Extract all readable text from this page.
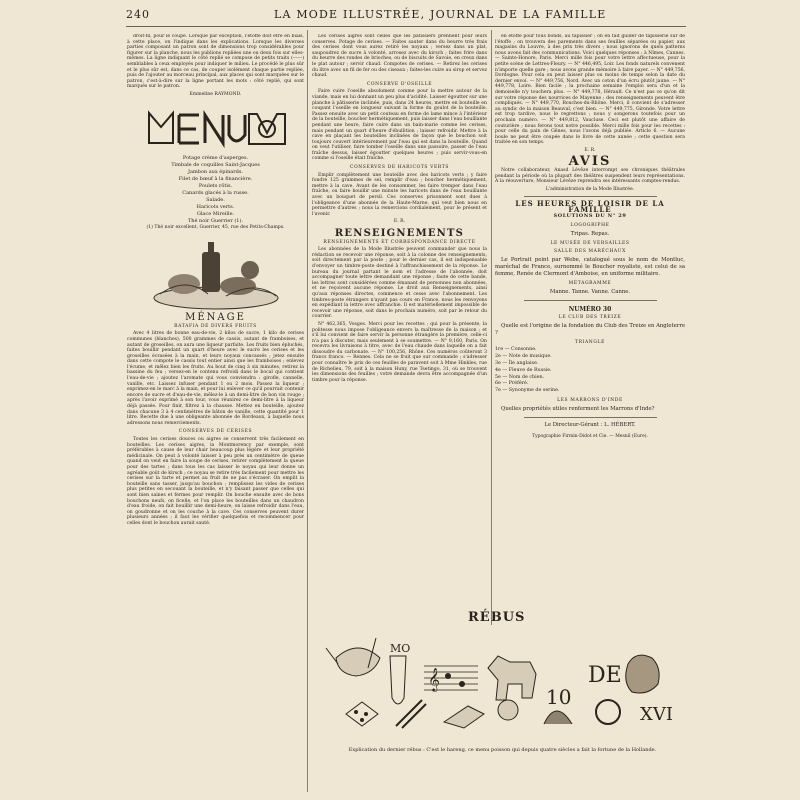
240	LA MODE ILLUSTRÉE, JOURNAL DE LA FAMILLE

droit-fil, pour le coupe. Lorsque par exception, l'étoffe doit être en biais, à cette place, on l'indique dans les explications. Lorsque les diverses parties composant un patron sont de dimensions trop considérables pour figurer sur la planche, nous les publions repliées une ou deux fois sur elles-mêmes. La ligne indiquant le côté replié se compose de petits traits (------) semblables à ceux employés pour indiquer le milieu. Le procédé le plus sûr et le plus sûr est, dans ce cas, de couper isolément chaque partie repliée, puis de l'ajouter au morceau principal, aux places qui sont marquées sur le patron, c'est-à-dire sur la ligne portant les mots : côté replié, qui sont marqués sur le patron.

Emmeline RAYMOND.

Potage crème d'asperges.
Timbale de coquilles Saint-Jacques
Jambon aux épinards.
Filet de bœuf à la financière.
Poulets rôtis.
Canards glacés à la russe.
Salade.
Haricots verts.
Glace Mireille.
Thé noir Guerrier (1).

(1) Thé noir excellent, Guerrier, 45, rue des Petits-Champs.

MÉNAGE
RATAFIA DE DIVERS FRUITS

Avec 4 litres de bonne eau-de-vie, 2 kilos de sucre, 1 kilo de cerises communes (blanches), 500 grammes de cassis, autant de framboises, et autant de groseilles, on aura une liqueur parfaite. Les fruits bien épluchés, faites bouillir pendant un quart d'heure avec le sucre les cerises et les groseilles écrasées à la main, et leurs noyaux concassés ; jetez ensuite dans cette compote le cassis tout entier ainsi que les framboises ; enlevez l'écume, et mêlez bien les fruits. Au bout de cinq à six minutes, retirez la bassine du feu ; versez-en le contenu refroidi dans le bocal qui contient l'eau-de-vie ; ajoutez l'aromate qui vous conviendra : girofle, cannelle, vanille, etc. Laissez infuser pendant 1 ou 2 mois. Passez la liqueur ; exprimez-en le marc à la main, et pour lui enlever ce qu'il pourrait contenir encore de sucre et d'eau-de-vie, mêlez-le à un demi-litre de bon vin rouge ; après l'avoir exprimé à son tour, vous réunirez ce demi-litre à la liqueur déjà passée. Pour finir, filtrez à la chausse. Mettez en bouteille, ajoutez dans chacune 3 à 4 centimètres de bâton de vanille, cette quantité pour 1 litre. Recette due à une obligeante abonnée de Bordeaux, à laquelle nous adressons nous remerciements.

CONSERVES DE CERISES

Toutes les cerises douces ou aigres se conservent très facilement en bouteilles. Les cerises aigres, la Montmorency par exemple, sont préférables à cause de leur chair beaucoup plus légère et leur propriété médicinale. On peut à volonté laisser à peu près un centimètre de queue quand on veut en faire la soupe de cerises, retirer complètement la queue pour des tartes ; dans tous les cas laisser le noyau qui leur donne un agréable goût de kirsch ; ce noyau se retire très facilement pour mettre les cerises sur la tarte et permet au fruit de ne pas s'écraser. On emplit la bouteille sans tasser, jusqu'au bouchon ; remplissez les vides de cerises plus petites en secouant la bouteille, et n'y faisant passer que celles qui sont bien saines et fermes pour remplir. On bouche ensuite avec de bons bouchons neufs, on ficelle, et l'on place les bouteilles dans un chaudron d'eau froide, on fait bouillir une demi-heure, on laisse refroidir dans l'eau, on goudronne et on les couche à la cave. Ces conserves peuvent durer plusieurs années ; il faut les vérifier quelquefois et recommencer pour celles dont le bouchon aurait sauté.

Les cerises aigres sont celles que les pâtissiers prennent pour leurs conserves. Potage de cerises. — Faites sauter dans du beurre très frais des cerises dont vous aurez retiré les noyaux ; versez dans un plat, saupoudrez de sucre à volonté, arrosez avec du kirsch ; faites frire dans du beurre des rondes de brioches, ou de biscuits de Savoie, en creux dans le plat autour ; servir chaud. Compotes de cerises. — Retirez les cerises du litre avec un fil de fer ou des ciseaux ; faites-les cuire au sirop et servez chaud.

CONSERVE D'OSEILLE

Faire cuire l'oseille absolument comme pour la mettre autour de la viande, mais en lui donnant un peu plus d'acidité. Laisser égoutter sur une planche à pâtisserie inclinée, puis, dans 24 heures, mettre en bouteille en coupant l'oseille en longueur suivant la forme du goulot de la bouteille. Passez ensuite avec un petit couteau en forme de lame mince à l'intérieur de la bouteille, boucher hermétiquement, puis laisser dans l'eau bouillante pendant une heure, faire cuire dans un bain-marie comme les cerises, mais pendant un quart d'heure d'ébullition ; laisser refroidir. Mettre à la cave en plaçant les bouteilles inclinées de façon que le bouchon soit toujours couvert intérieurement par l'eau qui est dans la bouteille. Quand on veut l'utiliser, faire tomber l'oseille dans une passoire, passer de l'eau fraîche dessus, laisser égoutter quelques heures ; puis servir-vous-en comme si l'oseille était fraîche.

CONSERVES DE HARICOTS VERTS

Emplir complètement une bouteille avec des haricots verts ; y faire fondre 125 grammes de sel, remplir d'eau ; boucher hermétiquement, mettre à la cave. Avant de les consommer, les faire tremper dans l'eau fraîche, ou faire bouillir une minute les haricots dans de l'eau bouillante avec un bouquet de persil. Ces conserves prisonnent sont dues à l'obligeance d'une abonnée de la Haute-Marne, qui veut bien nous en permettre d'autres ; nous la remercions cordialement, pour le présent et l'avenir.

E. R.

RENSEIGNEMENTS
RENSEIGNEMENTS ET CORRESPONDANCE DIRECTE

Les abonnées de la Mode Illustrée peuvent commander que nous la rédaction se recevoir une réponse, soit à la colonne des renseignements, soit directement par la poste ; pour le dernier cas, il est indispensable d'envoyer un timbre-poste destiné à l'affranchissement de la réponse. Le bureau du journal partant le nom et l'adresse de l'abonnée, doit accompagner toute lettre demandant une réponse ; faute de cette bande, les lettres sont considérées comme émanant de personnes non abonnées, et ne reçoivent aucune réponse. Le droit aux Renseignements, ainsi qu'aux réponses directes, commence et cesse avec l'abonnement. Les timbres-poste étrangers n'ayant pas cours en France, nous les renvoyons en expédiant la lettre avec affranchie. Il est matériellement impossible de recevoir une réponse, soit dans le prochain numéro, soit par le retour du courrier.

N° 462,365, Vosges. Merci pour les recettes ; qui pour la présente, la politesse nous impose l'obligeance envers la maîtresse de la maison ; et s'il lui convient de faire servir la personne étrangère la première, celle-ci n'a pas à discuter, mais seulement à se soumettre. — N° 9,160, Paris. On recevra les livraisons à titre, avec de l'eau chaude dans laquelle on a fait dissoudre du carbonate. — N° 100,256, Rhône. Ces numéros coûteront 3 francs franco. — Rennes. Cela ne se fruit que sur commande ; s'adresser pour connaître le prix de ces feuilles de paravent soit à Mme Hinkles, rue de Richelieu, 79, soit à la maison Huny, rue Tsetingo, 31, où se trouvent les dimensions des feuilles ; votre demande devra être accompagnée d'un timbre pour la réponse.

en étoffé pour tous bonds, au tapissier ; on en fait guider de tapisserie sur de l'étoffe ; on trouvera des parements dans ses feuilles séparées ou papier, aux magasins du Louvre, à des prix très divers ; nous ignorons de quels patterns nous avons fait des communications. Voici quelques réponses : à Nîmes, Cannes. — Sainte-Honore, Paris. Merci mille fois pour votre lettre affectueuse, pour la petite scène de Lettres-Fleury. — N° 446,495, Loir. Les fonds naturels convenent n'importe quelle gare ; nous avons grande mémoire à faire payer. — N° 449,756, Dordogne. Pour cela on peut laisser plus ou moins de temps selon la date du dernier envoi. — N° 449,756, Nord. Avec un coton d'un écru plutôt jaune. — N° 449,778, Loire. Bien facile ; la prochaine semaine l'emploi sera d'un et la demoiselle n'y touchera plus. — N° 449,778, Hérault. Ce n'est pas ce qu'on dit sur votre réponse des nourrices de Mayenne ; des renseignements peuvent être compliqués. — N° 449,770, Bouches-du-Rhône. Merci, il convient de s'adresser au syndic de la maison Beauval, c'est bien. — N° 449,775, Gironde. Votre lettre est trop tardive, nous le regrettons ; nous y songerons toutefois pour un prochain numéro. — N° 449,812, Vaucluse. Ceci est plutôt une affaire de couturière ; nous ferons tout notre possible. Merci mille fois pour les recettes : pour celle du pain de Gênes, nous l'avons déjà publiée. Article 6. — Aucune boule ne peut être coupée dans le livre de cette année ; cette question sera traitée en son temps.

E. R.

AVIS

Notre collaborateur, Anasd Lévêze interrompt ses chroniques théâtrales pendant la période où la plupart des théâtres suspendent leurs représentations. A la réouverture, Monsieur Lévêze reprendra ses intéressants comptes-rendus.

L'administration de la Mode Illustrée.

LES HEURES DE LOISIR DE LA FAMILLE
SOLUTIONS DU N° 29
LOGOGRIPHE
Tripas. Repas.
LE MUSÉE DE VERSAILLES
SALLE DES MARÉCHAUX

Le Portrait peint par Webe, catalogué sous le nom de Montluc, maréchal de France, surnommé le Boucher royaliste, est celui de sa femme, Renée de Clermont d'Amboise, en uniforme militaire.

MÉTAGRAMME
Manne. Tanne. Vanne. Canne.
NUMÉRO 30
LE CLUB DES TREIZE

Quelle est l'origine de la fondation du Club des Treize en Angleterre ?

TRIANGLE
1re — Consonne.
2e — Note de musique.
3e — Île anglaise.
4e — Fleuve de Russie.
5e — Nom de chien.
6e — Préféré.
7e — Synonyme de serine.
LES MARRONS D'INDE

Quelles propriétés utiles renferment les Marrons d'Inde?

Le Directeur-Gérant : L. HÉBERT.
Typographie Firmin-Didot et Cie. — Mesnil (Eure).
RÉBUS
MO
𝄞
10
DE
XVI
Explication du dernier rébus : C'est le hareng, ce menu poisson qui depuis quatre siècles a fait la fortune de la Hollande.
